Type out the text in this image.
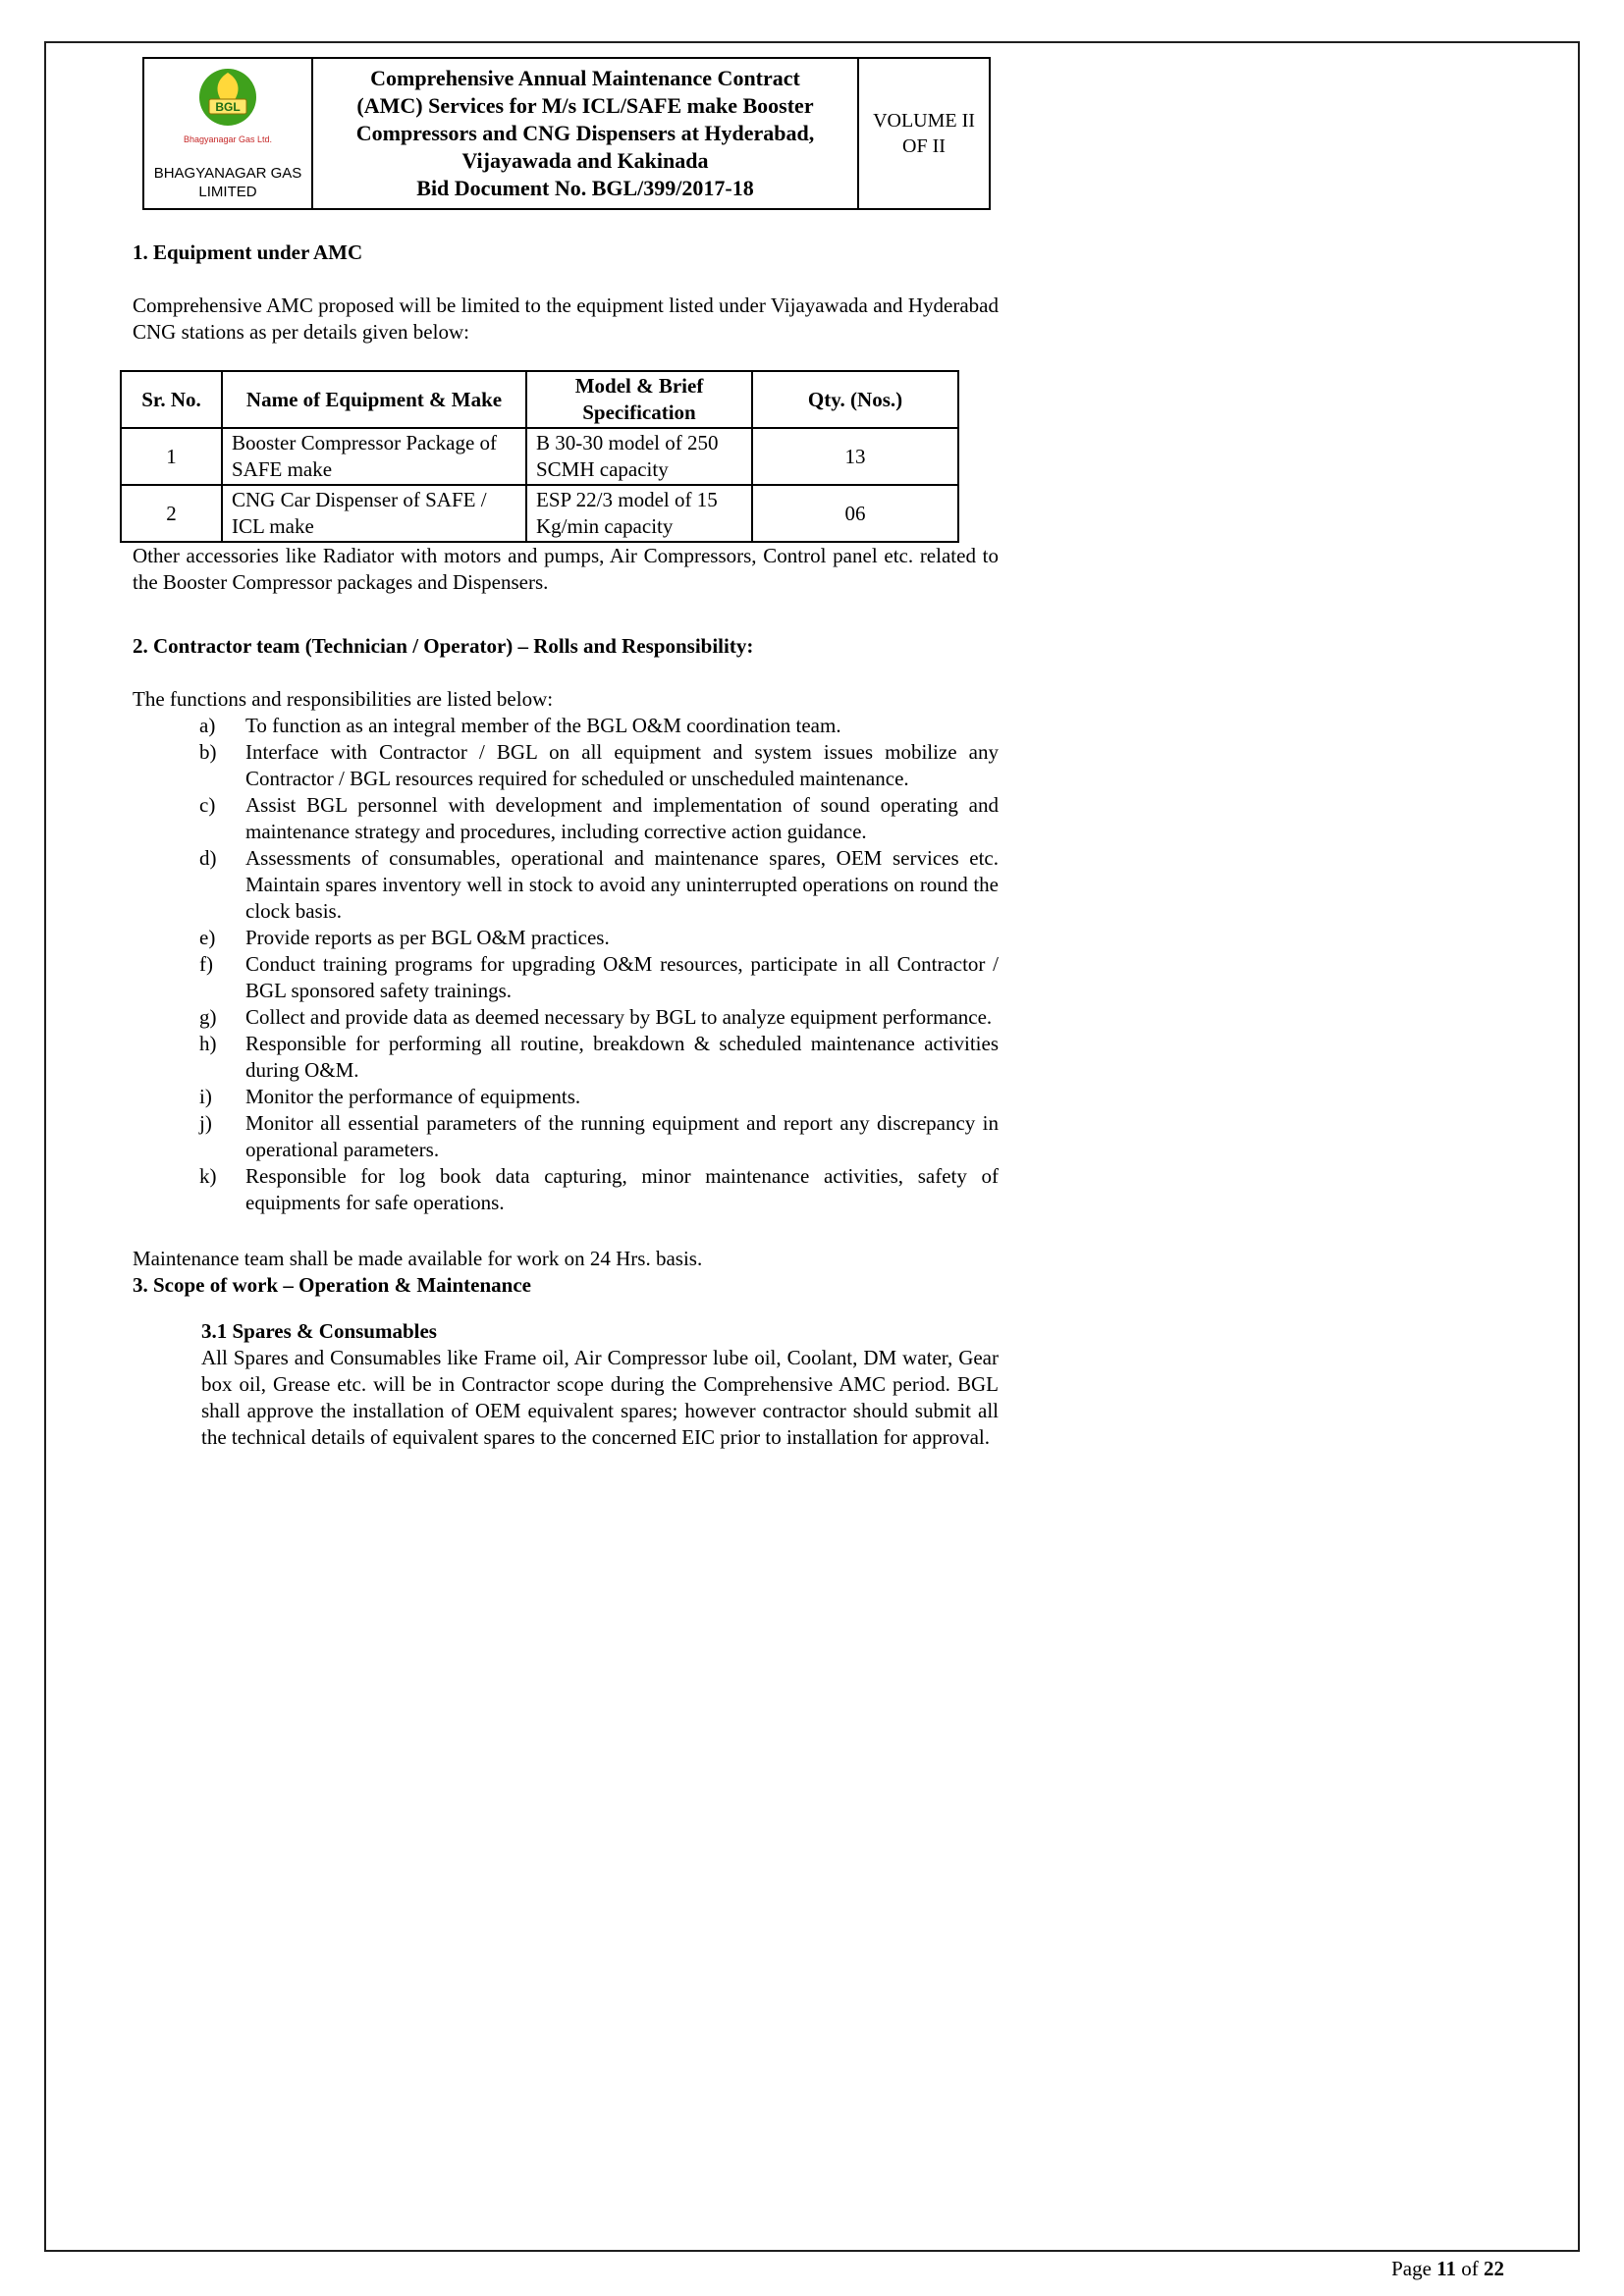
BGL
Bhagyanagar Gas Ltd.
BHAGYANAGAR GAS
LIMITED

Comprehensive Annual Maintenance Contract
(AMC) Services for M/s ICL/SAFE make Booster
Compressors and CNG Dispensers at Hyderabad,
Vijayawada and Kakinada
Bid Document No. BGL/399/2017-18

VOLUME II
OF II
1. Equipment under AMC
Comprehensive AMC proposed will be limited to the equipment listed under Vijayawada and Hyderabad CNG stations as per details given below:
Sr. No.	Name of Equipment & Make	Model & Brief Specification	Qty. (Nos.)
1	Booster Compressor Package of SAFE make	B 30-30 model of 250 SCMH capacity	13
2	CNG Car Dispenser of SAFE / ICL make	ESP 22/3 model of 15 Kg/min capacity	06
Other accessories like Radiator with motors and pumps, Air Compressors, Control panel etc. related to the Booster Compressor packages and Dispensers.
2. Contractor team (Technician / Operator) – Rolls and Responsibility:
The functions and responsibilities are listed below:
a)	To function as an integral member of the BGL O&M coordination team.
b)	Interface with Contractor / BGL on all equipment and system issues mobilize any Contractor / BGL resources required for scheduled or unscheduled maintenance.
c)	Assist BGL personnel with development and implementation of sound operating and maintenance strategy and procedures, including corrective action guidance.
d)	Assessments of consumables, operational and maintenance spares, OEM services etc. Maintain spares inventory well in stock to avoid any uninterrupted operations on round the clock basis.
e)	Provide reports as per BGL O&M practices.
f)	Conduct training programs for upgrading O&M resources, participate in all Contractor / BGL sponsored safety trainings.
g)	Collect and provide data as deemed necessary by BGL to analyze equipment performance.
h)	Responsible for performing all routine, breakdown & scheduled maintenance activities during O&M.
i)	Monitor the performance of equipments.
j)	Monitor all essential parameters of the running equipment and report any discrepancy in operational parameters.
k)	Responsible for log book data capturing, minor maintenance activities, safety of equipments for safe operations.
Maintenance team shall be made available for work on 24 Hrs. basis.
3. Scope of work – Operation & Maintenance
3.1 Spares & Consumables
All Spares and Consumables like Frame oil, Air Compressor lube oil, Coolant, DM water, Gear box oil, Grease etc. will be in Contractor scope during the Comprehensive AMC period. BGL shall approve the installation of OEM equivalent spares; however contractor should submit all the technical details of equivalent spares to the concerned EIC prior to installation for approval.
Page 11 of 22
